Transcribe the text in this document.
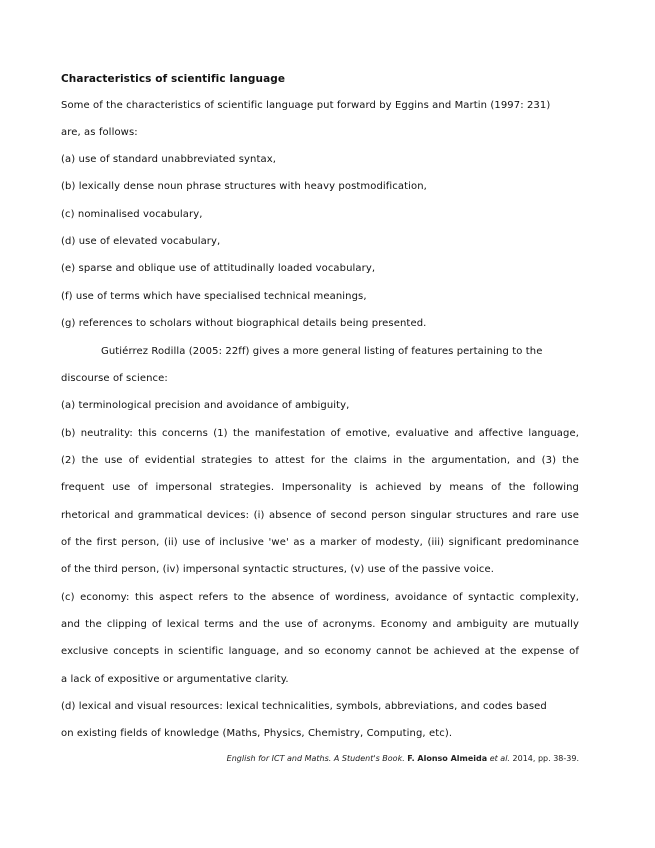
Characteristics of scientific language
Some of the characteristics of scientific language put forward by Eggins and Martin (1997: 231)
are, as follows:
(a) use of standard unabbreviated syntax,
(b) lexically dense noun phrase structures with heavy postmodification,
(c) nominalised vocabulary,
(d) use of elevated vocabulary,
(e) sparse and oblique use of attitudinally loaded vocabulary,
(f) use of terms which have specialised technical meanings,
(g) references to scholars without biographical details being presented.
Gutiérrez Rodilla (2005: 22ff) gives a more general listing of features pertaining to the
discourse of science:
(a) terminological precision and avoidance of ambiguity,
(b) neutrality: this concerns (1) the manifestation of emotive, evaluative and affective language,
(2) the use of evidential strategies to attest for the claims in the argumentation, and (3) the
frequent use of impersonal strategies. Impersonality is achieved by means of the following
rhetorical and grammatical devices: (i) absence of second person singular structures and rare use
of the first person, (ii) use of inclusive 'we' as a marker of modesty, (iii) significant predominance
of the third person, (iv) impersonal syntactic structures, (v) use of the passive voice.
(c) economy: this aspect refers to the absence of wordiness, avoidance of syntactic complexity,
and the clipping of lexical terms and the use of acronyms. Economy and ambiguity are mutually
exclusive concepts in scientific language, and so economy cannot be achieved at the expense of
a lack of expositive or argumentative clarity.
(d) lexical and visual resources: lexical technicalities, symbols, abbreviations, and codes based
on existing fields of knowledge (Maths, Physics, Chemistry, Computing, etc).
English for ICT and Maths. A Student's Book. F. Alonso Almeida et al. 2014, pp. 38-39.
